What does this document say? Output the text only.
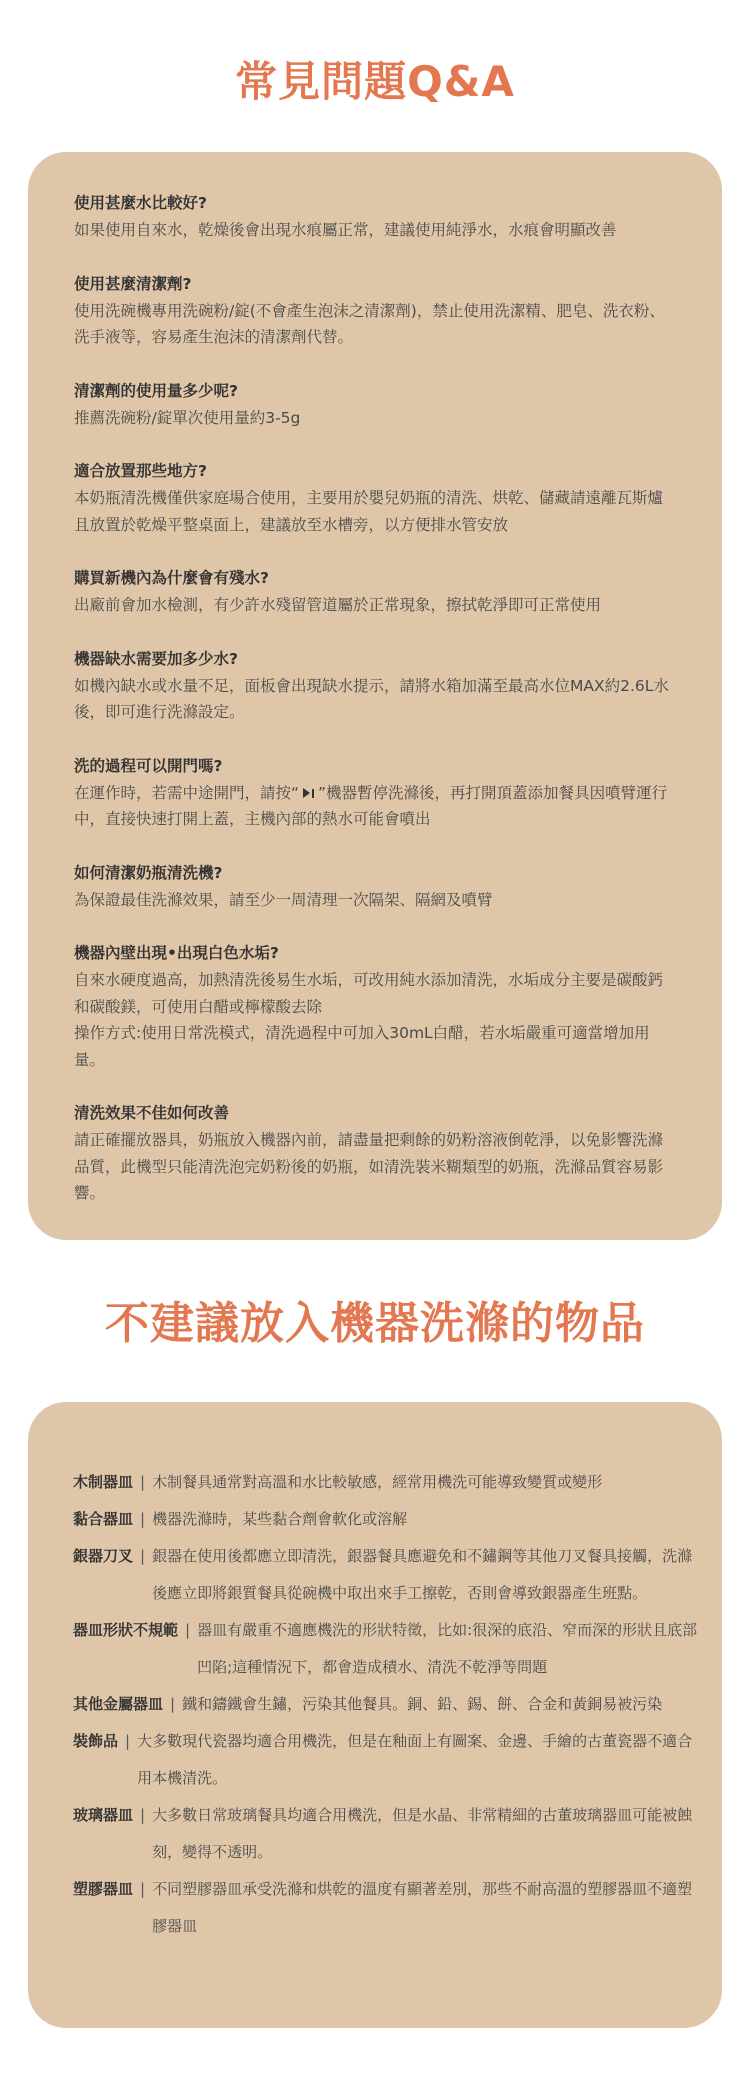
常見問題Q&A

使用甚麼水比較好?

如果使用自來水，乾燥後會出現水痕屬正常，建議使用純淨水，水痕會明顯改善

使用甚麼清潔劑?

使用洗碗機專用洗碗粉/錠(不會產生泡沫之清潔劑)，禁止使用洗潔精、肥皂、洗衣粉、洗手液等，容易產生泡沫的清潔劑代替。

清潔劑的使用量多少呢?

推薦洗碗粉/錠單次使用量約3-5g

適合放置那些地方?

本奶瓶清洗機僅供家庭場合使用，主要用於嬰兒奶瓶的清洗、烘乾、儲藏請遠離瓦斯爐且放置於乾燥平整桌面上，建議放至水槽旁，以方便排水管安放

購買新機內為什麼會有殘水?

出廠前會加水檢測，有少許水殘留管道屬於正常現象，擦拭乾淨即可正常使用

機器缺水需要加多少水?

如機內缺水或水量不足，面板會出現缺水提示，請將水箱加滿至最高水位MAX約2.6L水後，即可進行洗滌設定。

洗的過程可以開門嗎?

在運作時，若需中途開門，請按“ ”機器暫停洗滌後，再打開頂蓋添加餐具因噴臂運行中，直接快速打開上蓋，主機內部的熱水可能會噴出

如何清潔奶瓶清洗機?

為保證最佳洗滌效果，請至少一周清理一次隔架、隔網及噴臂

機器內壁出現•出現白色水垢?

自來水硬度過高，加熱清洗後易生水垢，可改用純水添加清洗，水垢成分主要是碳酸鈣和碳酸鎂，可使用白醋或檸檬酸去除
操作方式:使用日常洗模式，清洗過程中可加入30mL白醋，若水垢嚴重可適當增加用量。

清洗效果不佳如何改善

請正確擺放器具，奶瓶放入機器內前，請盡量把剩餘的奶粉溶液倒乾淨，以免影響洗滌品質，此機型只能清洗泡完奶粉後的奶瓶，如清洗裝米糊類型的奶瓶，洗滌品質容易影響。

不建議放入機器洗滌的物品
木制器皿 | 木制餐具通常對高溫和水比較敏感，經常用機洗可能導致變質或變形

黏合器皿 | 機器洗滌時，某些黏合劑會軟化或溶解

銀器刀叉 | 銀器在使用後都應立即清洗，銀器餐具應避免和不鏽鋼等其他刀叉餐具接觸，洗滌後應立即將銀質餐具從碗機中取出來手工擦乾，否則會導致銀器產生班點。

器皿形狀不規範 | 器皿有嚴重不適應機洗的形狀特徵，比如:很深的底沿、窄而深的形狀且底部凹陷;這種情況下，都會造成積水、清洗不乾淨等問題

其他金屬器皿 | 鐵和鑄鐵會生鏽，污染其他餐具。銅、鉛、錫、餅、合金和黃銅易被污染

裝飾品 | 大多數現代瓷器均適合用機洗，但是在釉面上有圖案、金邊、手繪的古董瓷器不適合用本機清洗。

玻璃器皿 | 大多數日常玻璃餐具均適合用機洗，但是水晶、非常精細的古董玻璃器皿可能被蝕刻，變得不透明。

塑膠器皿 | 不同塑膠器皿承受洗滌和烘乾的溫度有顯著差別，那些不耐高溫的塑膠器皿不適塑膠器皿
